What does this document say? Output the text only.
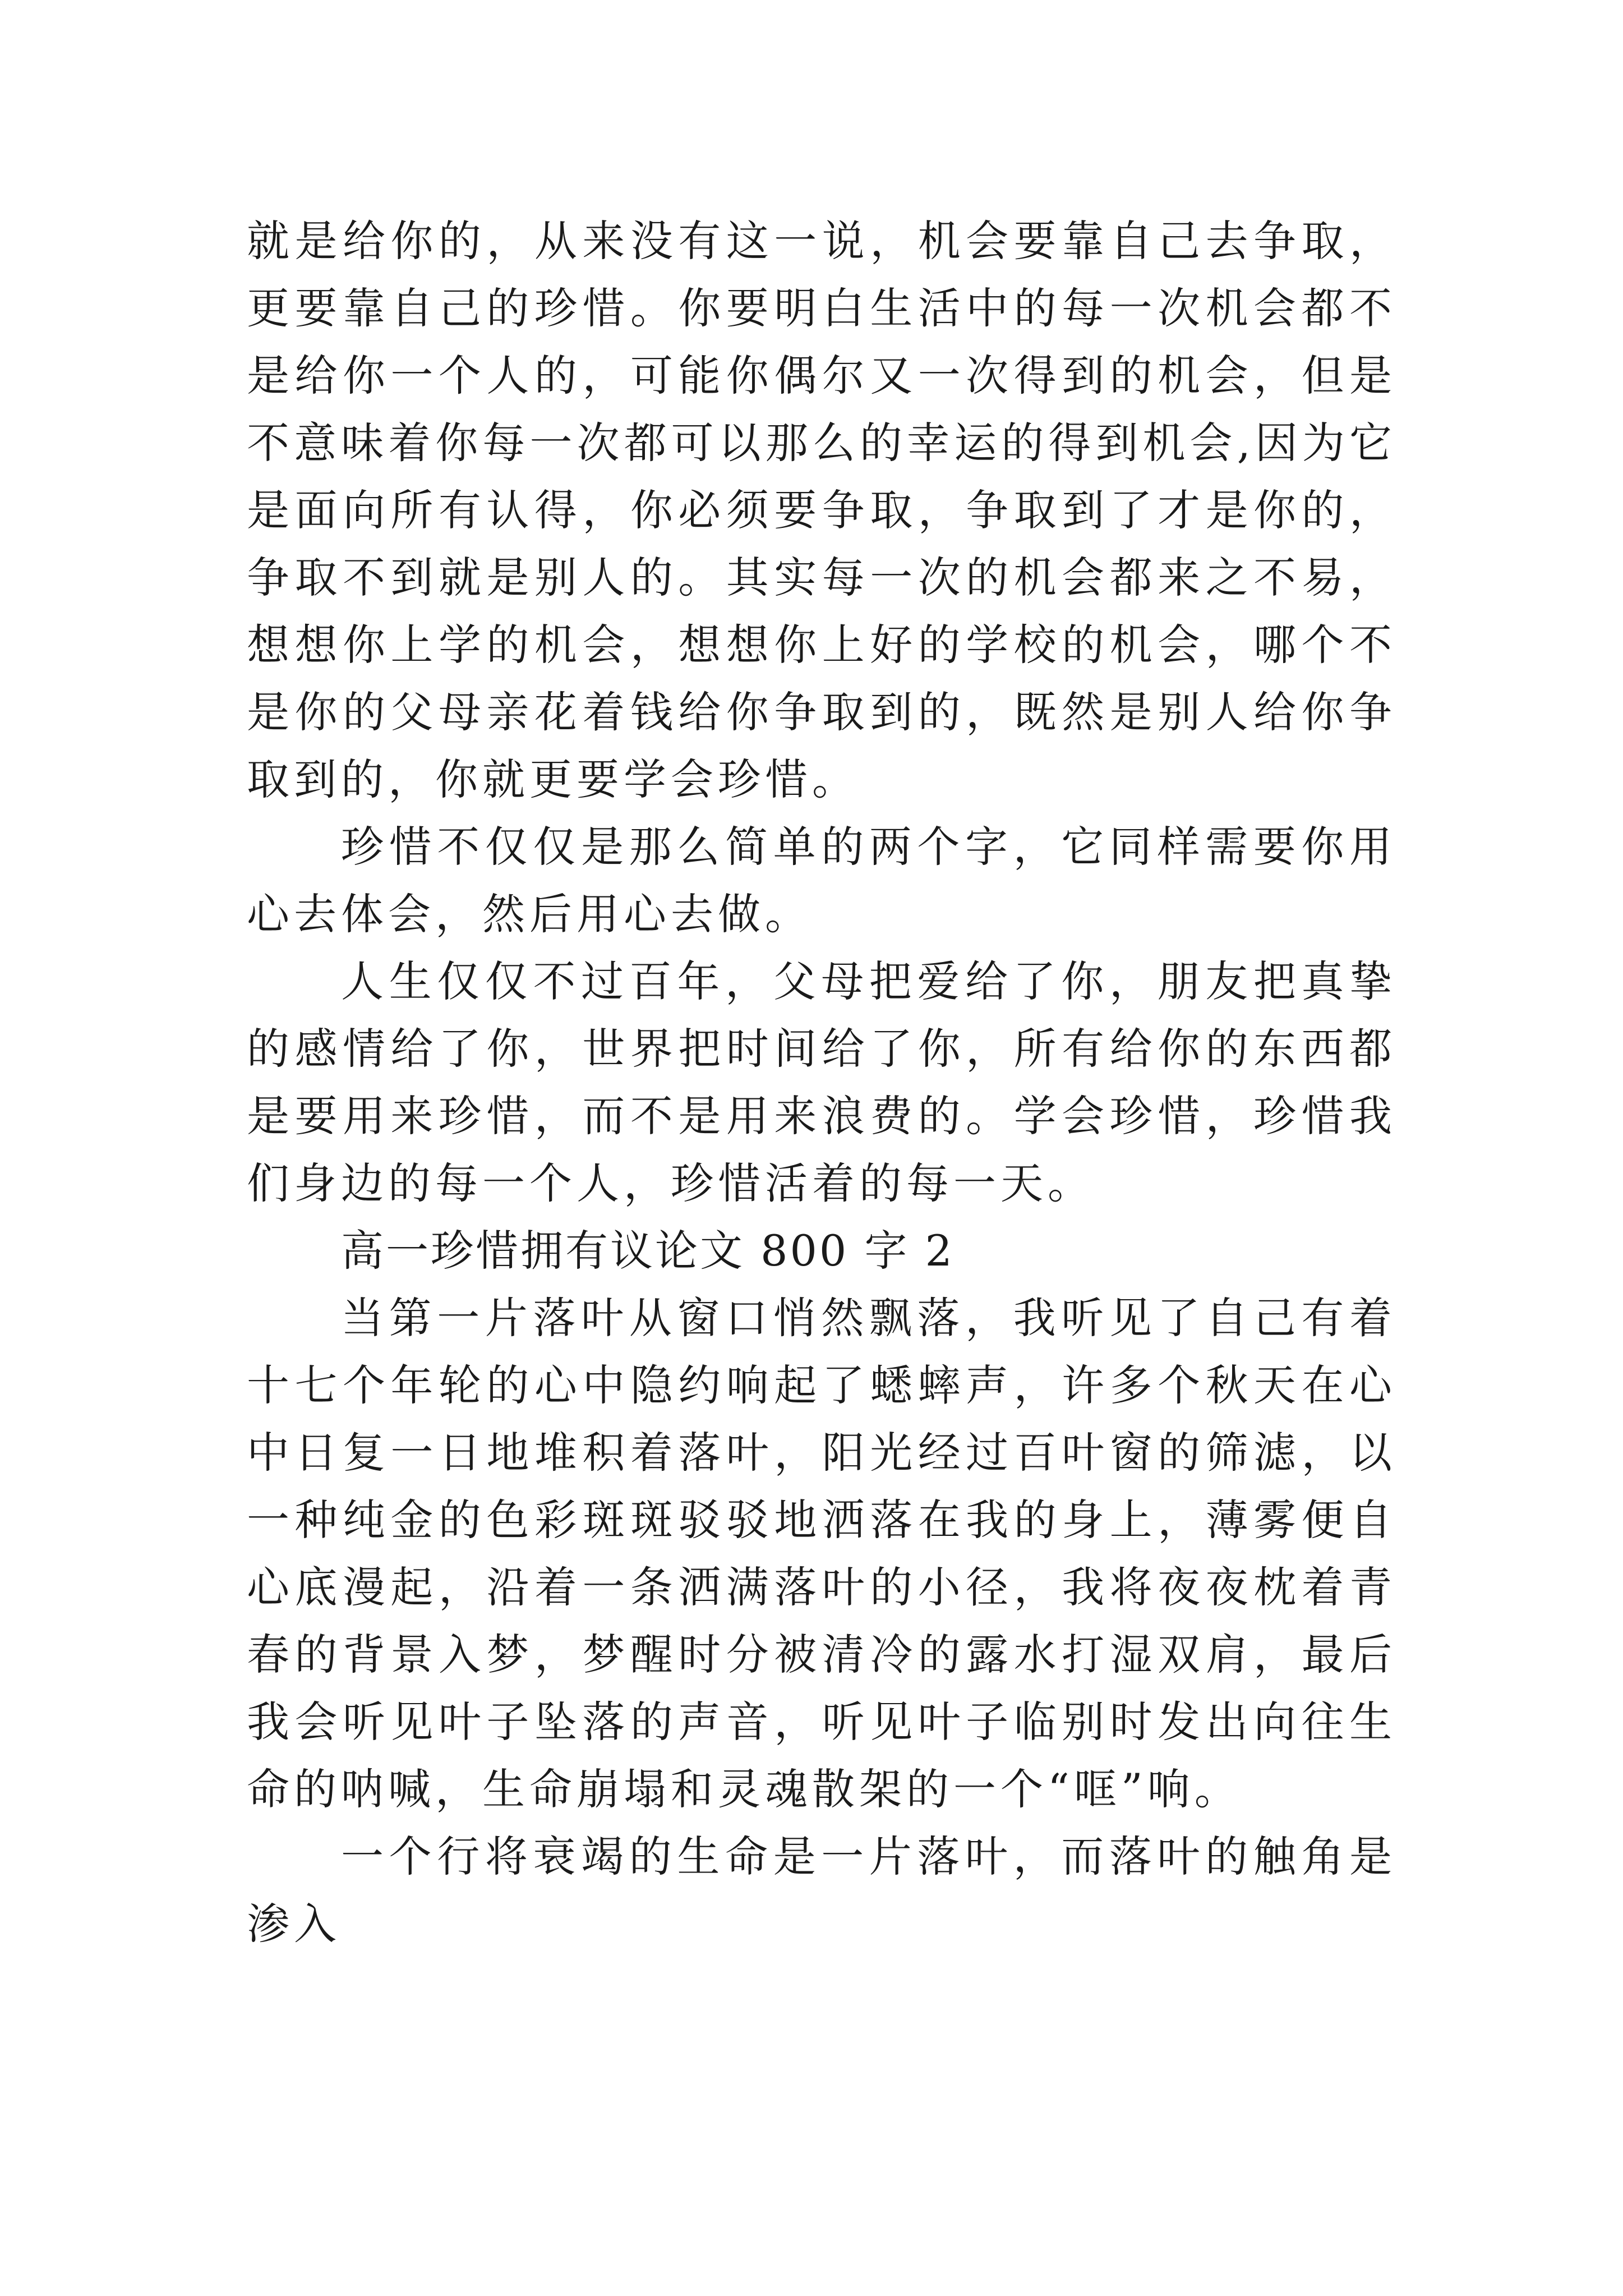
就是给你的，从来没有这一说，机会要靠自己去争取，更要靠自己的珍惜。你要明白生活中的每一次机会都不是给你一个人的，可能你偶尔又一次得到的机会，但是不意味着你每一次都可以那么的幸运的得到机会,因为它是面向所有认得，你必须要争取，争取到了才是你的，争取不到就是别人的。其实每一次的机会都来之不易，想想你上学的机会，想想你上好的学校的机会，哪个不是你的父母亲花着钱给你争取到的，既然是别人给你争取到的，你就更要学会珍惜。

珍惜不仅仅是那么简单的两个字，它同样需要你用心去体会，然后用心去做。

人生仅仅不过百年，父母把爱给了你，朋友把真挚的感情给了你，世界把时间给了你，所有给你的东西都是要用来珍惜，而不是用来浪费的。学会珍惜，珍惜我们身边的每一个人，珍惜活着的每一天。

高一珍惜拥有议论文 800 字 2

当第一片落叶从窗口悄然飘落，我听见了自己有着十七个年轮的心中隐约响起了蟋蟀声，许多个秋天在心中日复一日地堆积着落叶，阳光经过百叶窗的筛滤，以一种纯金的色彩斑斑驳驳地洒落在我的身上，薄雾便自心底漫起，沿着一条洒满落叶的小径，我将夜夜枕着青春的背景入梦，梦醒时分被清冷的露水打湿双肩，最后我会听见叶子坠落的声音，听见叶子临别时发出向往生命的呐喊，生命崩塌和灵魂散架的一个“哐”响。

一个行将衰竭的生命是一片落叶，而落叶的触角是渗入
